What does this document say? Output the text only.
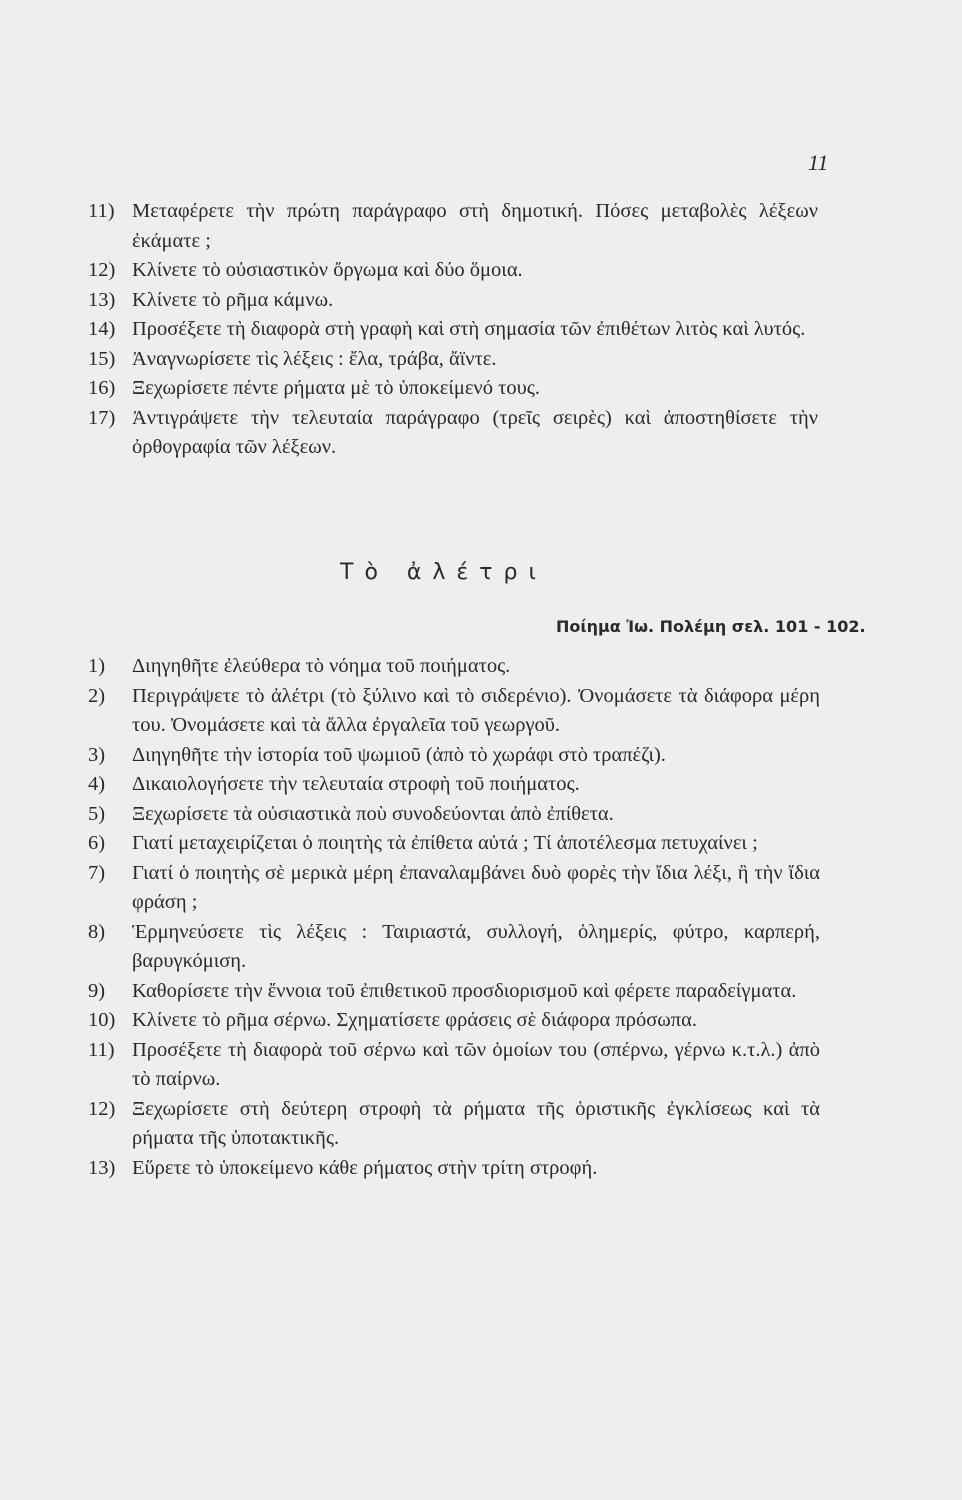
11
11) Μεταφέρετε τὴν πρώτη παράγραφο στὴ δημοτική. Πόσες μεταβολὲς λέξεων ἐκάματε ;
12) Κλίνετε τὸ οὐσιαστικὸν ὄργωμα καὶ δύο ὅμοια.
13) Κλίνετε τὸ ρῆμα κάμνω.
14) Προσέξετε τὴ διαφορὰ στὴ γραφὴ καὶ στὴ σημασία τῶν ἐπιθέτων λιτὸς καὶ λυτός.
15) Ἀναγνωρίσετε τὶς λέξεις : ἔλα, τράβα, ἄϊντε.
16) Ξεχωρίσετε πέντε ρήματα μὲ τὸ ὑποκείμενό τους.
17) Ἀντιγράψετε τὴν τελευταία παράγραφο (τρεῖς σειρὲς) καὶ ἀποστηθίσετε τὴν ὀρθογραφία τῶν λέξεων.
Τὸ ἀλέτρι
Ποίημα Ἰω. Πολέμη σελ. 101 - 102.
1)	Διηγηθῆτε ἐλεύθερα τὸ νόημα τοῦ ποιήματος.
2)	Περιγράψετε τὸ ἀλέτρι (τὸ ξύλινο καὶ τὸ σιδερένιο). Ὀνομάσετε τὰ διάφορα μέρη του. Ὀνομάσετε καὶ τὰ ἄλλα ἐργαλεῖα τοῦ γεωργοῦ.
3)	Διηγηθῆτε τὴν ἱστορία τοῦ ψωμιοῦ (ἀπὸ τὸ χωράφι στὸ τραπέζι).
4)	Δικαιολογήσετε τὴν τελευταία στροφὴ τοῦ ποιήματος.
5)	Ξεχωρίσετε τὰ οὐσιαστικὰ ποὺ συνοδεύονται ἀπὸ ἐπίθετα.
6)	Γιατί μεταχειρίζεται ὁ ποιητὴς τὰ ἐπίθετα αὐτά ; Τί ἀποτέλεσμα πετυχαίνει ;
7)	Γιατί ὁ ποιητὴς σὲ μερικὰ μέρη ἐπαναλαμβάνει δυὸ φορὲς τὴν ἴδια λέξι, ἢ τὴν ἴδια φράση ;
8)	Ἑρμηνεύσετε τὶς λέξεις : Ταιριαστά, συλλογή, ὁλημερίς, φύτρο, καρπερή, βαρυγκόμιση.
9)	Καθορίσετε τὴν ἔννοια τοῦ ἐπιθετικοῦ προσδιορισμοῦ καὶ φέρετε παραδείγματα.
10) Κλίνετε τὸ ρῆμα σέρνω. Σχηματίσετε φράσεις σὲ διάφορα πρόσωπα.
11) Προσέξετε τὴ διαφορὰ τοῦ σέρνω καὶ τῶν ὁμοίων του (σπέρνω, γέρνω κ.τ.λ.) ἀπὸ τὸ παίρνω.
12) Ξεχωρίσετε στὴ δεύτερη στροφὴ τὰ ρήματα τῆς ὁριστικῆς ἐγκλίσεως καὶ τὰ ρήματα τῆς ὑποτακτικῆς.
13) Εὕρετε τὸ ὑποκείμενο κάθε ρήματος στὴν τρίτη στροφή.
